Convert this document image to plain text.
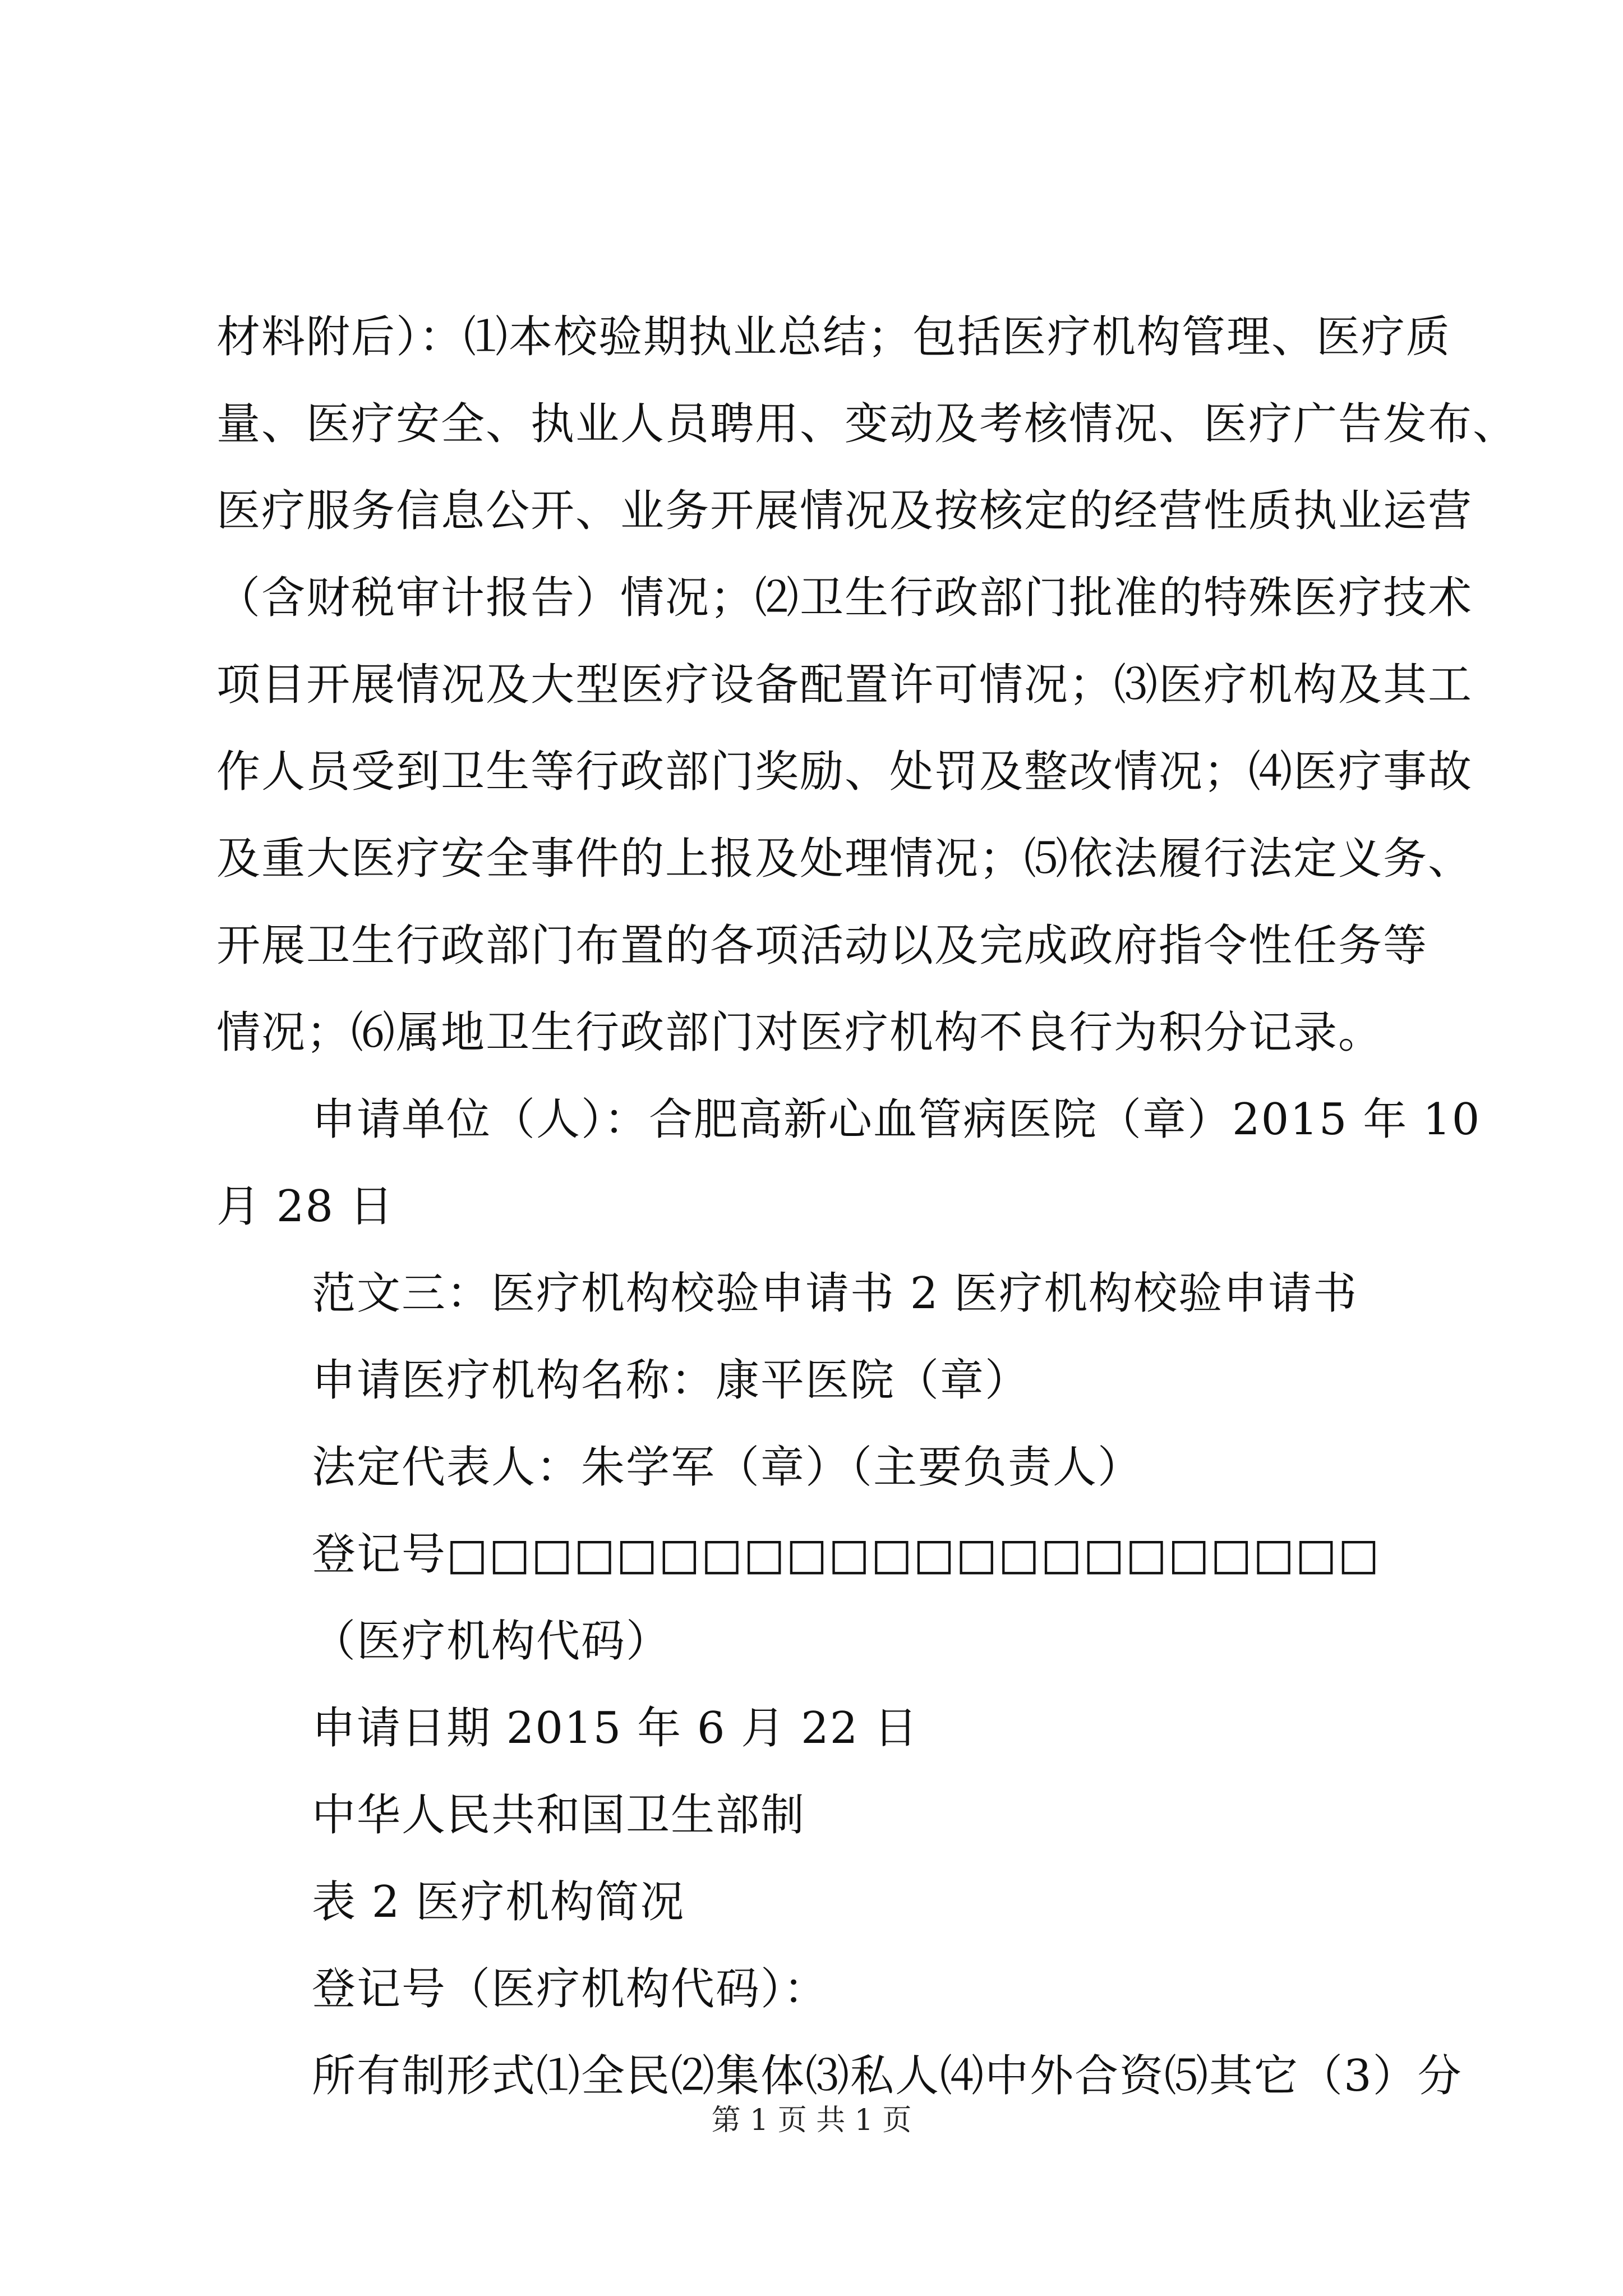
材料附后）：⑴本校验期执业总结；包括医疗机构管理、医疗质
量、医疗安全、执业人员聘用、变动及考核情况、医疗广告发布、
医疗服务信息公开、业务开展情况及按核定的经营性质执业运营
（含财税审计报告）情况；⑵卫生行政部门批准的特殊医疗技术
项目开展情况及大型医疗设备配置许可情况；⑶医疗机构及其工
作人员受到卫生等行政部门奖励、处罚及整改情况；⑷医疗事故
及重大医疗安全事件的上报及处理情况；⑸依法履行法定义务、
开展卫生行政部门布置的各项活动以及完成政府指令性任务等
情况；⑹属地卫生行政部门对医疗机构不良行为积分记录。
申请单位（人）：合肥高新心血管病医院（章）2015 年 10
月 28 日
范文三：医疗机构校验申请书 2 医疗机构校验申请书
申请医疗机构名称：康平医院（章）
法定代表人：朱学军（章）（主要负责人）
登记号□□□□□□□□□□□□□□□□□□□□□□
（医疗机构代码）
申请日期 2015 年 6 月 22 日
中华人民共和国卫生部制
表 2 医疗机构简况
登记号（医疗机构代码）：
所有制形式⑴全民⑵集体⑶私人⑷中外合资⑸其它（3）分
第 1 页 共 1 页
